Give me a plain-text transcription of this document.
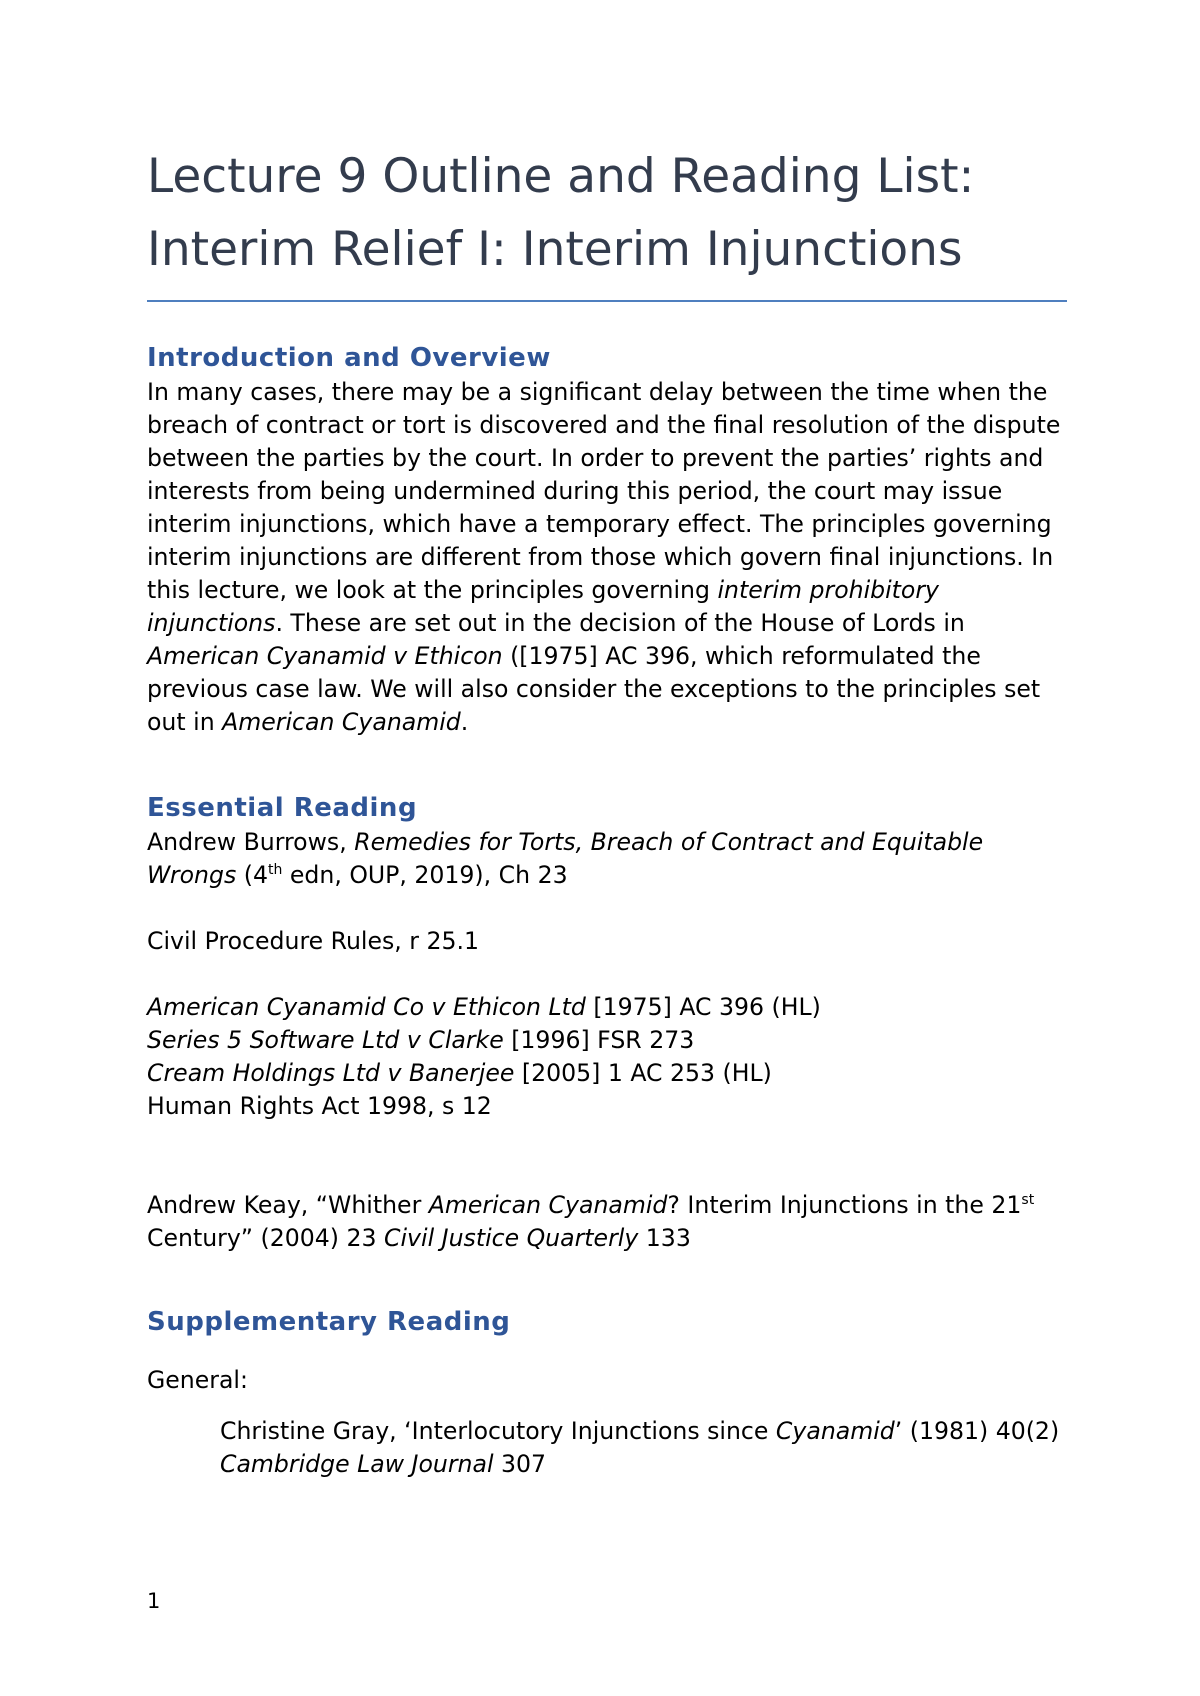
Lecture 9 Outline and Reading List: Interim Relief I: Interim Injunctions
Introduction and Overview

In many cases, there may be a significant delay between the time when the breach of contract or tort is discovered and the final resolution of the dispute between the parties by the court. In order to prevent the parties’ rights and interests from being undermined during this period, the court may issue interim injunctions, which have a temporary effect. The principles governing interim injunctions are different from those which govern final injunctions. In this lecture, we look at the principles governing interim prohibitory injunctions. These are set out in the decision of the House of Lords in American Cyanamid v Ethicon ([1975] AC 396, which reformulated the previous case law. We will also consider the exceptions to the principles set out in American Cyanamid.

Essential Reading

Andrew Burrows, Remedies for Torts, Breach of Contract and Equitable Wrongs (4th edn, OUP, 2019), Ch 23

Civil Procedure Rules, r 25.1

American Cyanamid Co v Ethicon Ltd [1975] AC 396 (HL)

Series 5 Software Ltd v Clarke [1996] FSR 273

Cream Holdings Ltd v Banerjee [2005] 1 AC 253 (HL)

Human Rights Act 1998, s 12

Andrew Keay, “Whither American Cyanamid? Interim Injunctions in the 21st Century” (2004) 23 Civil Justice Quarterly 133

Supplementary Reading

General:

Christine Gray, ‘Interlocutory Injunctions since Cyanamid’ (1981) 40(2) Cambridge Law Journal 307

1
